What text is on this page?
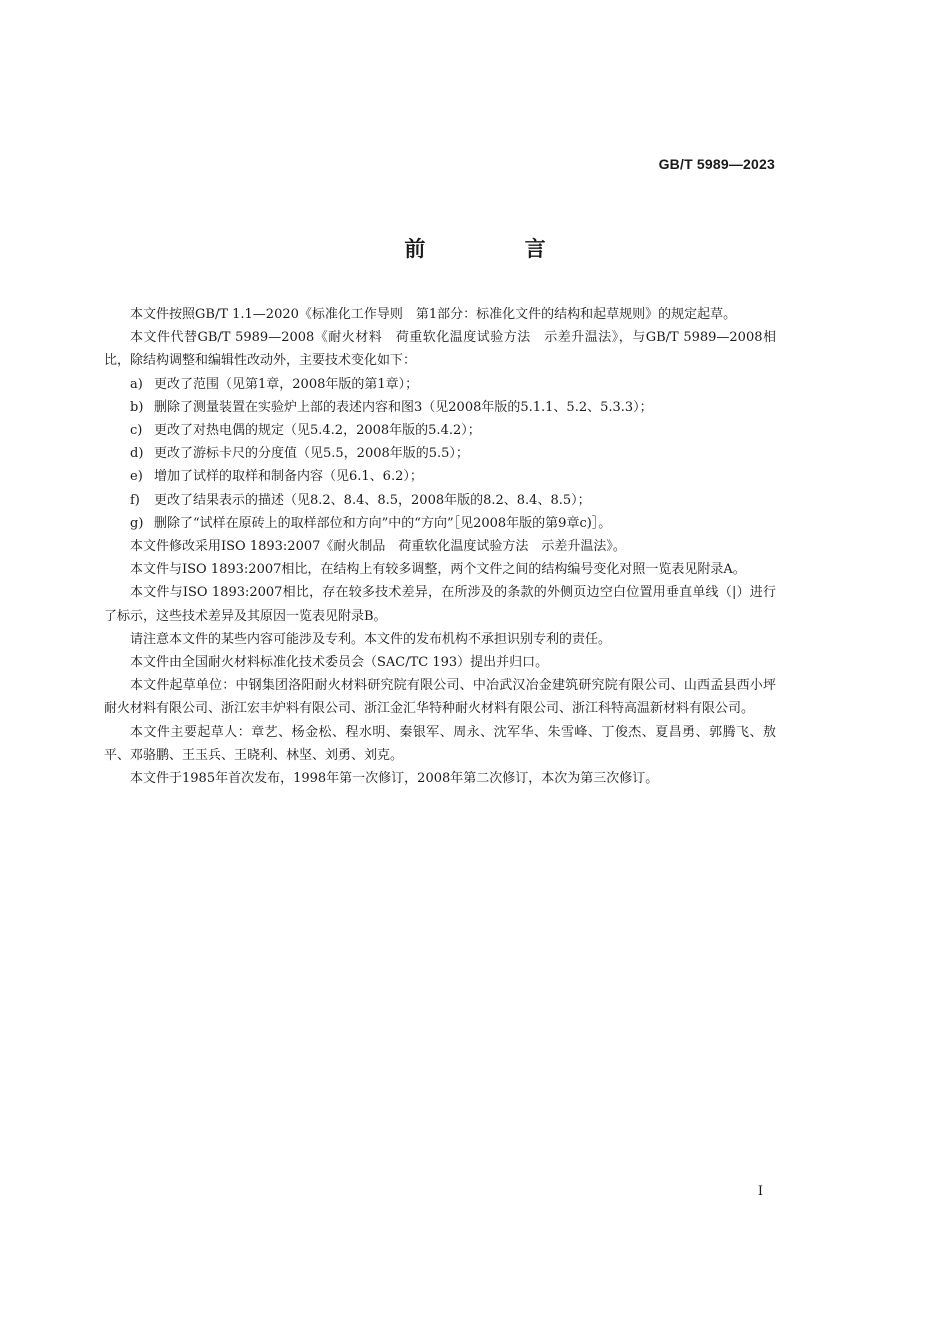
GB/T 5989—2023
前 言

本文件按照GB/T 1.1—2020《标准化工作导则　第1部分：标准化文件的结构和起草规则》的规定起草。

本文件代替GB/T 5989—2008《耐火材料　荷重软化温度试验方法　示差升温法》，与GB/T 5989—2008相比，除结构调整和编辑性改动外，主要技术变化如下：

a) 更改了范围（见第1章，2008年版的第1章）；

b) 删除了测量装置在实验炉上部的表述内容和图3（见2008年版的5.1.1、5.2、5.3.3）；

c) 更改了对热电偶的规定（见5.4.2，2008年版的5.4.2）；

d) 更改了游标卡尺的分度值（见5.5，2008年版的5.5）；

e) 增加了试样的取样和制备内容（见6.1、6.2）；

f) 更改了结果表示的描述（见8.2、8.4、8.5，2008年版的8.2、8.4、8.5）；

g) 删除了“试样在原砖上的取样部位和方向”中的“方向”［见2008年版的第9章c)］。

本文件修改采用ISO 1893:2007《耐火制品　荷重软化温度试验方法　示差升温法》。

本文件与ISO 1893:2007相比，在结构上有较多调整，两个文件之间的结构编号变化对照一览表见附录A。

本文件与ISO 1893:2007相比，存在较多技术差异，在所涉及的条款的外侧页边空白位置用垂直单线（|）进行了标示，这些技术差异及其原因一览表见附录B。

请注意本文件的某些内容可能涉及专利。本文件的发布机构不承担识别专利的责任。

本文件由全国耐火材料标准化技术委员会（SAC/TC 193）提出并归口。

本文件起草单位：中钢集团洛阳耐火材料研究院有限公司、中冶武汉冶金建筑研究院有限公司、山西孟县西小坪耐火材料有限公司、浙江宏丰炉料有限公司、浙江金汇华特种耐火材料有限公司、浙江科特高温新材料有限公司。

本文件主要起草人：章艺、杨金松、程水明、秦银军、周永、沈军华、朱雪峰、丁俊杰、夏昌勇、郭腾飞、敖平、邓骆鹏、王玉兵、王晓利、林坚、刘勇、刘克。

本文件于1985年首次发布，1998年第一次修订，2008年第二次修订，本次为第三次修订。

I
